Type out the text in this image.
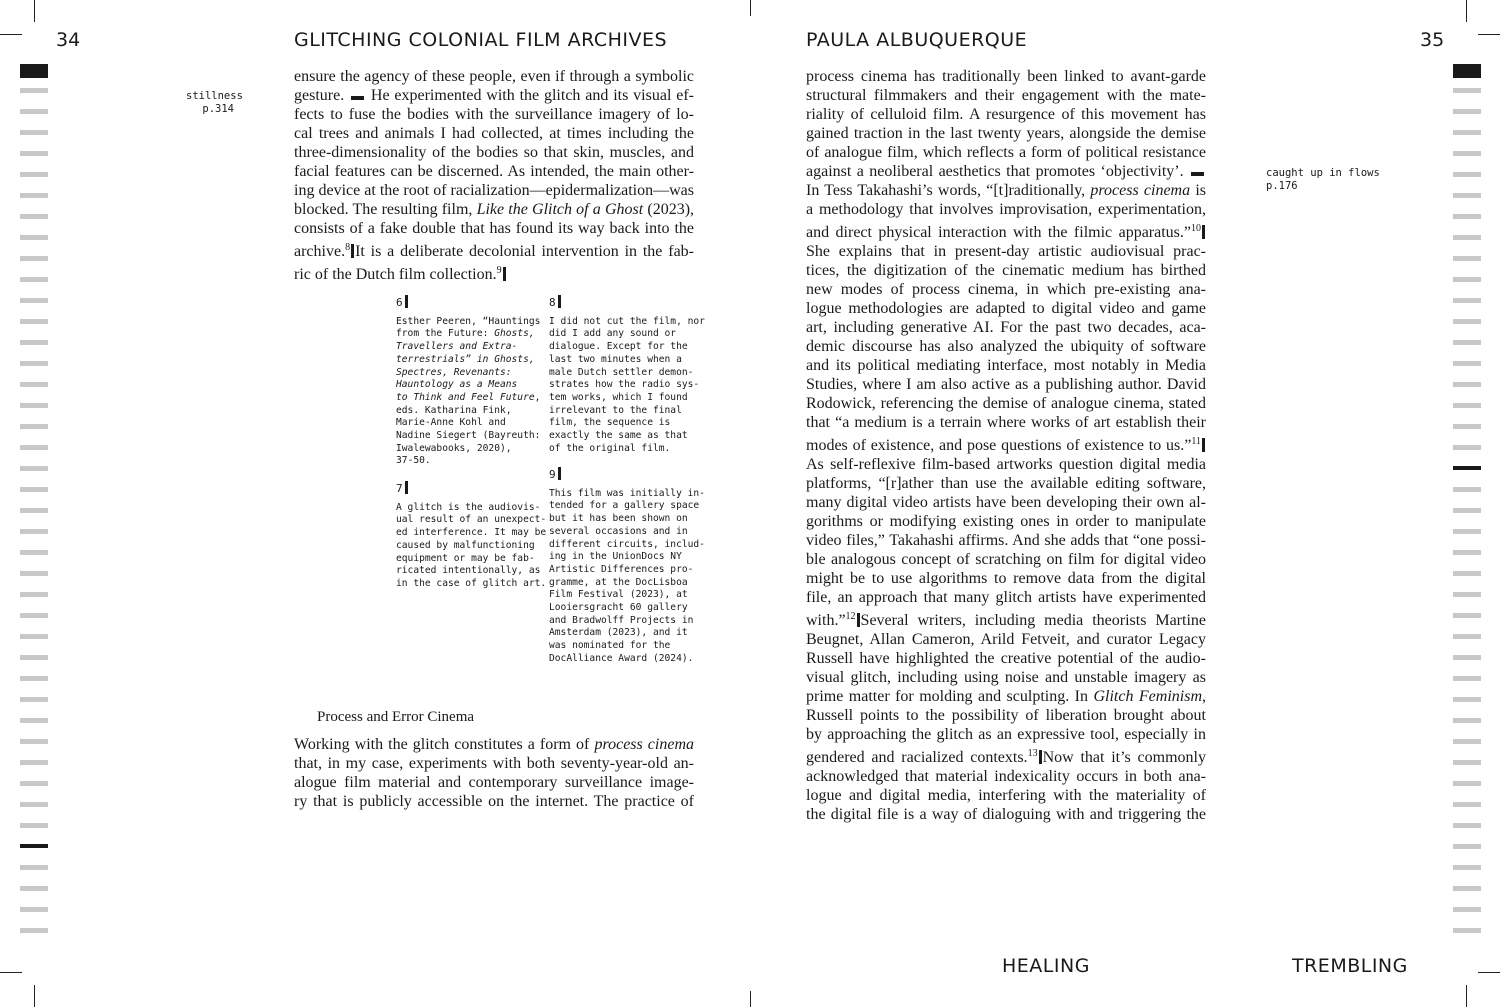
34	GLITCHING COLONIAL FILM ARCHIVES
stillness
p.314
ensure the agency of these people, even if through a symbolic
gesture. He experimented with the glitch and its visual ef-
fects to fuse the bodies with the surveillance imagery of lo-
cal trees and animals I had collected, at times including the
three-dimensionality of the bodies so that skin, muscles, and
facial features can be discerned. As intended, the main other-
ing device at the root of racialization—epidermalization—was
blocked. The resulting film, Like the Glitch of a Ghost (2023),
consists of a fake double that has found its way back into the
archive.$^8$ It is a deliberate decolonial intervention in the fab-
ric of the Dutch film collection.$^9$
6
Esther Peeren, “Hauntings
from the Future: Ghosts,
Travellers and Extra-
terrestrials” in Ghosts,
Spectres, Revenants:
Hauntology as a Means
to Think and Feel Future,
eds. Katharina Fink,
Marie-Anne Kohl and
Nadine Siegert (Bayreuth:
Iwalewabooks, 2020),
37-50.
7
A glitch is the audiovis-
ual result of an unexpect-
ed interference. It may be
caused by malfunctioning
equipment or may be fab-
ricated intentionally, as
in the case of glitch art.
8
I did not cut the film, nor
did I add any sound or
dialogue. Except for the
last two minutes when a
male Dutch settler demon-
strates how the radio sys-
tem works, which I found
irrelevant to the final
film, the sequence is
exactly the same as that
of the original film.
9
This film was initially in-
tended for a gallery space
but it has been shown on
several occasions and in
different circuits, includ-
ing in the UnionDocs NY
Artistic Differences pro-
gramme, at the DocLisboa
Film Festival (2023), at
Looiersgracht 60 gallery
and Bradwolff Projects in
Amsterdam (2023), and it
was nominated for the
DocAlliance Award (2024).
Process and Error Cinema
Working with the glitch constitutes a form of process cinema
that, in my case, experiments with both seventy-year-old an-
alogue film material and contemporary surveillance image-
ry that is publicly accessible on the internet. The practice of
PAULA ALBUQUERQUE	35
caught up in flows
p.176
process cinema has traditionally been linked to avant-garde
structural filmmakers and their engagement with the mate-
riality of celluloid film. A resurgence of this movement has
gained traction in the last twenty years, alongside the demise
of analogue film, which reflects a form of political resistance
against a neoliberal aesthetics that promotes ‘objectivity’.
In Tess Takahashi’s words, “[t]raditionally, process cinema is
a methodology that involves improvisation, experimentation,
and direct physical interaction with the filmic apparatus.”$^{10}$
She explains that in present-day artistic audiovisual prac-
tices, the digitization of the cinematic medium has birthed
new modes of process cinema, in which pre-existing ana-
logue methodologies are adapted to digital video and game
art, including generative AI. For the past two decades, aca-
demic discourse has also analyzed the ubiquity of software
and its political mediating interface, most notably in Media
Studies, where I am also active as a publishing author. David
Rodowick, referencing the demise of analogue cinema, stated
that “a medium is a terrain where works of art establish their
modes of existence, and pose questions of existence to us.”$^{11}$
As self-reflexive film-based artworks question digital media
platforms, “[r]ather than use the available editing software,
many digital video artists have been developing their own al-
gorithms or modifying existing ones in order to manipulate
video files,” Takahashi affirms. And she adds that “one possi-
ble analogous concept of scratching on film for digital video
might be to use algorithms to remove data from the digital
file, an approach that many glitch artists have experimented
with.”$^{12}$ Several writers, including media theorists Martine
Beugnet, Allan Cameron, Arild Fetveit, and curator Legacy
Russell have highlighted the creative potential of the audio-
visual glitch, including using noise and unstable imagery as
prime matter for molding and sculpting. In Glitch Feminism,
Russell points to the possibility of liberation brought about
by approaching the glitch as an expressive tool, especially in
gendered and racialized contexts.$^{13}$ Now that it’s commonly
acknowledged that material indexicality occurs in both ana-
logue and digital media, interfering with the materiality of
the digital file is a way of dialoguing with and triggering the
HEALING	TREMBLING
